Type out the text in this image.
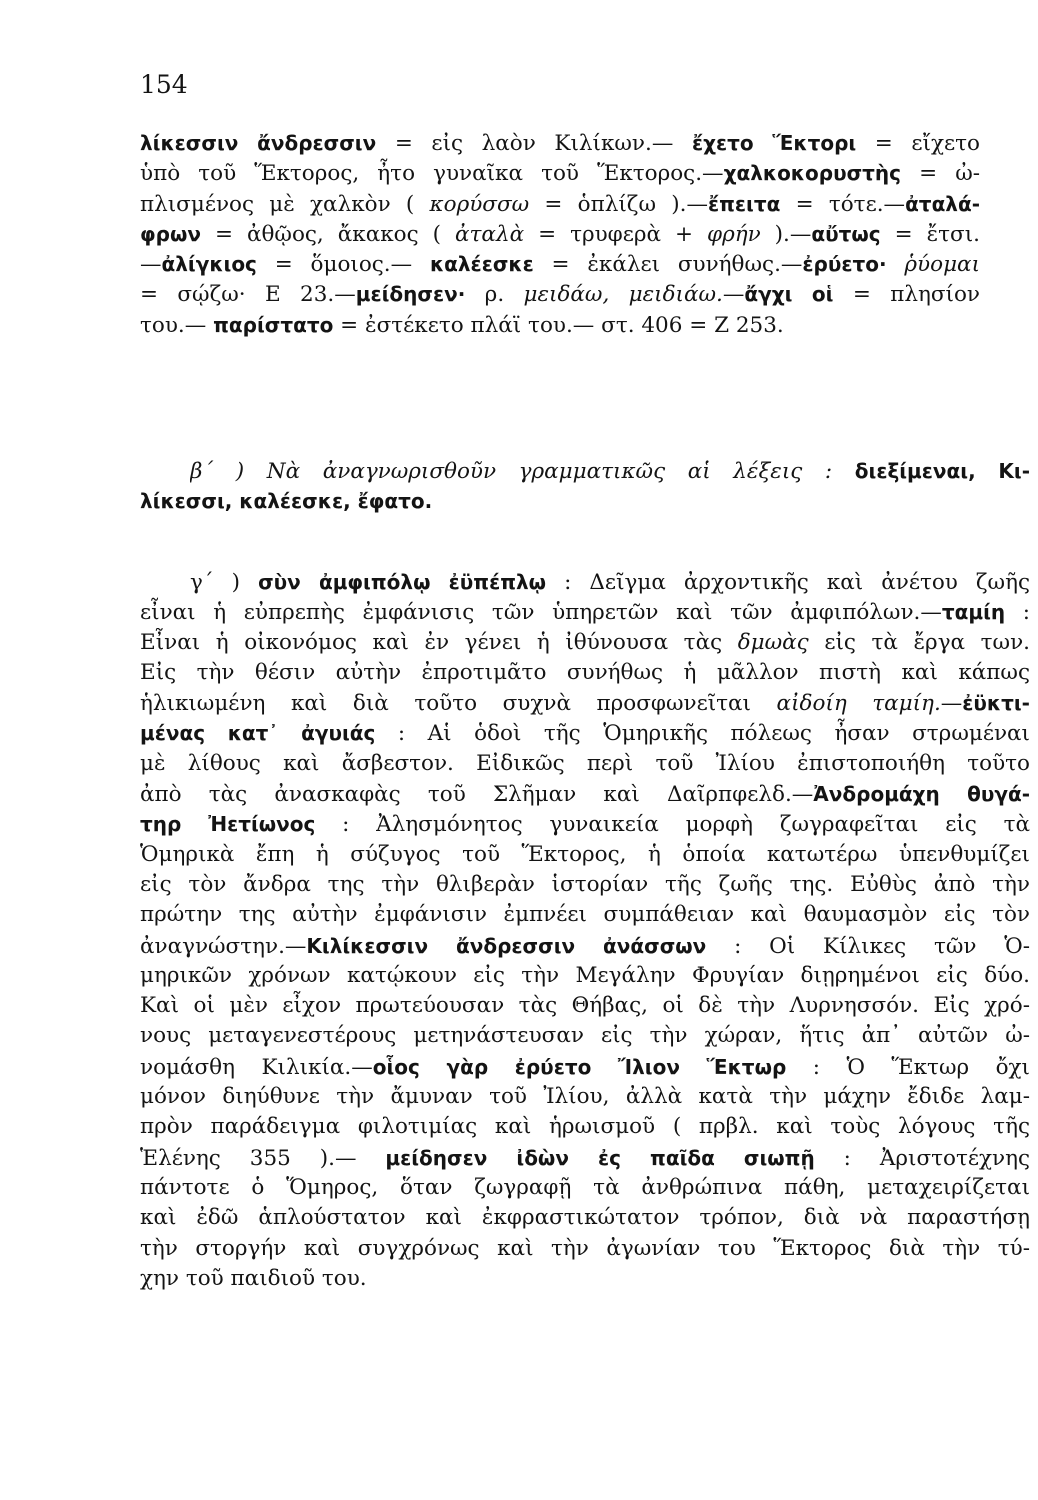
154
λίκεσσιν ἄνδρεσσιν = εἰς λαὸν Κιλίκων.— ἔχετο Ἕκτορι = εἴχετο
ὑπὸ τοῦ Ἕκτορος, ἦτο γυναῖκα τοῦ Ἕκτορος.—χαλκοκορυστὴς = ὠ-
πλισμένος μὲ χαλκὸν ( κορύσσω = ὁπλίζω ).—ἔπειτα = τότε.—ἀταλά-
φρων = ἀθῷος, ἄκακος ( ἀταλὰ = τρυφερὰ + φρήν ).—αὔτως = ἔτσι.
—ἀλίγκιος = ὅμοιος.— καλέεσκε = ἐκάλει συνήθως.—ἐρύετο· ῥύομαι
= σῴζω· Ε 23.—μείδησεν· ρ. μειδάω, μειδιάω.—ἄγχι οἱ = πλησίον
του.— παρίστατο = ἐστέκετο πλάϊ του.— στ. 406 = Ζ 253.
β΄ ) Νὰ ἀναγνωρισθοῦν γραμματικῶς αἱ λέξεις : διεξίμεναι, Κι-
λίκεσσι, καλέεσκε, ἔφατο.
γ΄ ) σὺν ἀμφιπόλῳ ἐϋπέπλῳ : Δεῖγμα ἀρχοντικῆς καὶ ἀνέτου ζωῆς
εἶναι ἡ εὐπρεπὴς ἐμφάνισις τῶν ὑπηρετῶν καὶ τῶν ἀμφιπόλων.—ταμίη :
Εἶναι ἡ οἰκονόμος καὶ ἐν γένει ἡ ἰθύνουσα τὰς δμωὰς εἰς τὰ ἔργα των.
Εἰς τὴν θέσιν αὐτὴν ἐπροτιμᾶτο συνήθως ἡ μᾶλλον πιστὴ καὶ κάπως
ἡλικιωμένη καὶ διὰ τοῦτο συχνὰ προσφωνεῖται αἰδοίη ταμίη.—ἐϋκτι-
μένας κατ᾽ ἀγυιάς : Αἱ ὁδοὶ τῆς Ὁμηρικῆς πόλεως ἦσαν στρωμέναι
μὲ λίθους καὶ ἄσβεστον. Εἰδικῶς περὶ τοῦ Ἰλίου ἐπιστοποιήθη τοῦτο
ἀπὸ τὰς ἀνασκαφὰς τοῦ Σλῆμαν καὶ Δαῖρπφελδ.—Ἀνδρομάχη θυγά-
τηρ Ἠετίωνος : Ἀλησμόνητος γυναικεία μορφὴ ζωγραφεῖται εἰς τὰ
Ὁμηρικὰ ἔπη ἡ σύζυγος τοῦ Ἕκτορος, ἡ ὁποία κατωτέρω ὑπενθυμίζει
εἰς τὸν ἄνδρα της τὴν θλιβερὰν ἱστορίαν τῆς ζωῆς της. Εὐθὺς ἀπὸ τὴν
πρώτην της αὐτὴν ἐμφάνισιν ἐμπνέει συμπάθειαν καὶ θαυμασμὸν εἰς τὸν
ἀναγνώστην.—Κιλίκεσσιν ἄνδρεσσιν ἀνάσσων : Οἱ Κίλικες τῶν Ὁ-
μηρικῶν χρόνων κατῴκουν εἰς τὴν Μεγάλην Φρυγίαν διῃρημένοι εἰς δύο.
Καὶ οἱ μὲν εἶχον πρωτεύουσαν τὰς Θήβας, οἱ δὲ τὴν Λυρνησσόν. Εἰς χρό-
νους μεταγενεστέρους μετηνάστευσαν εἰς τὴν χώραν, ἥτις ἀπ᾽ αὐτῶν ὠ-
νομάσθη Κιλικία.—οἷος γὰρ ἐρύετο Ἴλιον Ἕκτωρ : Ὁ Ἕκτωρ ὄχι
μόνον διηύθυνε τὴν ἄμυναν τοῦ Ἰλίου, ἀλλὰ κατὰ τὴν μάχην ἔδιδε λαμ-
πρὸν παράδειγμα φιλοτιμίας καὶ ἡρωισμοῦ ( πρβλ. καὶ τοὺς λόγους τῆς
Ἑλένης 355 ).— μείδησεν ἰδὼν ἐς παῖδα σιωπῇ : Ἀριστοτέχνης
πάντοτε ὁ Ὅμηρος, ὅταν ζωγραφῇ τὰ ἀνθρώπινα πάθη, μεταχειρίζεται
καὶ ἐδῶ ἁπλούστατον καὶ ἐκφραστικώτατον τρόπον, διὰ νὰ παραστήσῃ
τὴν στοργήν καὶ συγχρόνως καὶ τὴν ἀγωνίαν του Ἕκτορος διὰ τὴν τύ-
χην τοῦ παιδιοῦ του.
